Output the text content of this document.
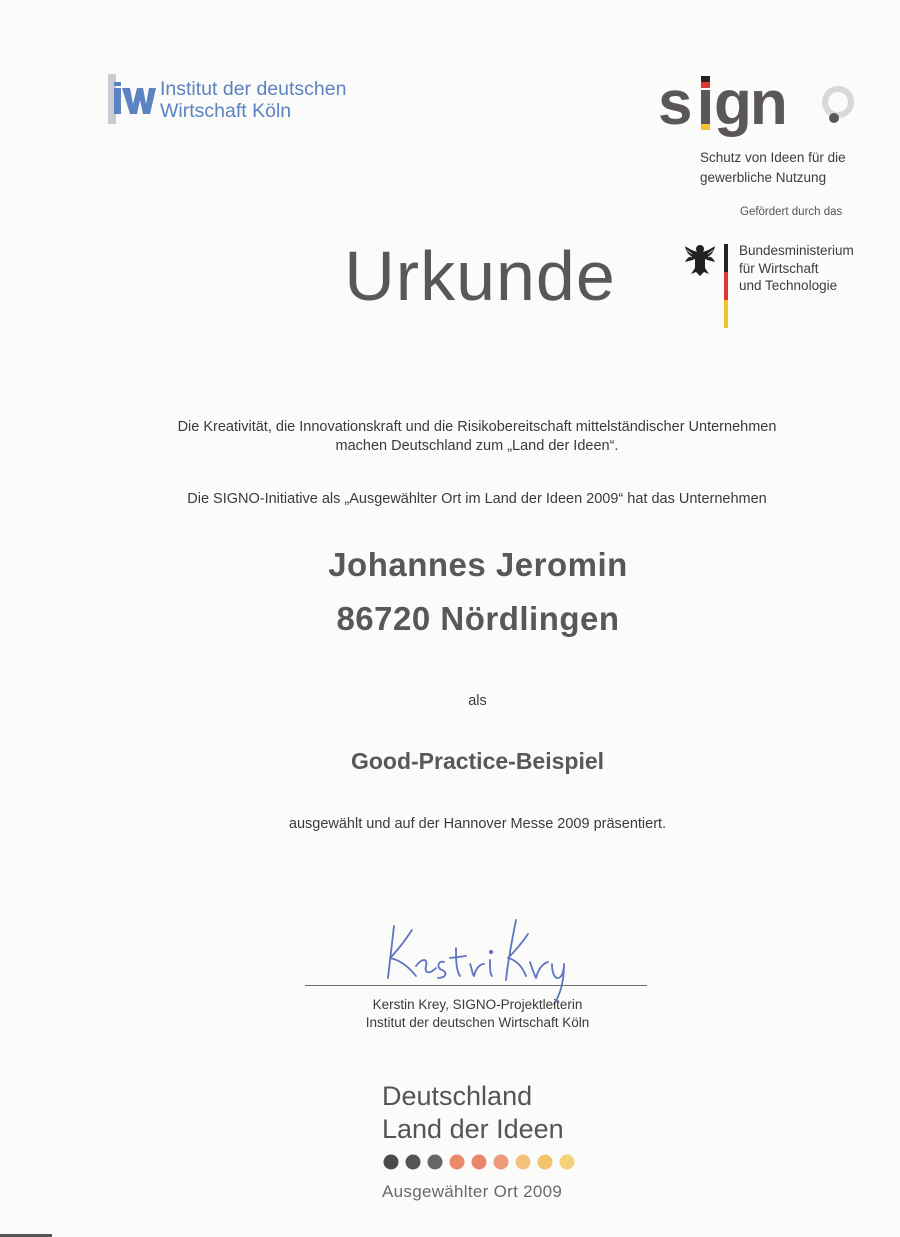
Institut der deutschen
Wirtschaft Köln	s gn
Schutz von Ideen für die
gewerbliche Nutzung
Gefördert durch das
Bundesministerium
für Wirtschaft
und Technologie
Urkunde
Die Kreativität, die Innovationskraft und die Risikobereitschaft mittelständischer Unternehmen
machen Deutschland zum „Land der Ideen“.
Die SIGNO-Initiative als „Ausgewählter Ort im Land der Ideen 2009“ hat das Unternehmen
Johannes Jeromin
86720 Nördlingen
als
Good-Practice-Beispiel
ausgewählt und auf der Hannover Messe 2009 präsentiert.
Kerstin Krey, SIGNO-Projektleiterin
Institut der deutschen Wirtschaft Köln
Deutschland
Land der Ideen
Ausgewählter Ort 2009
